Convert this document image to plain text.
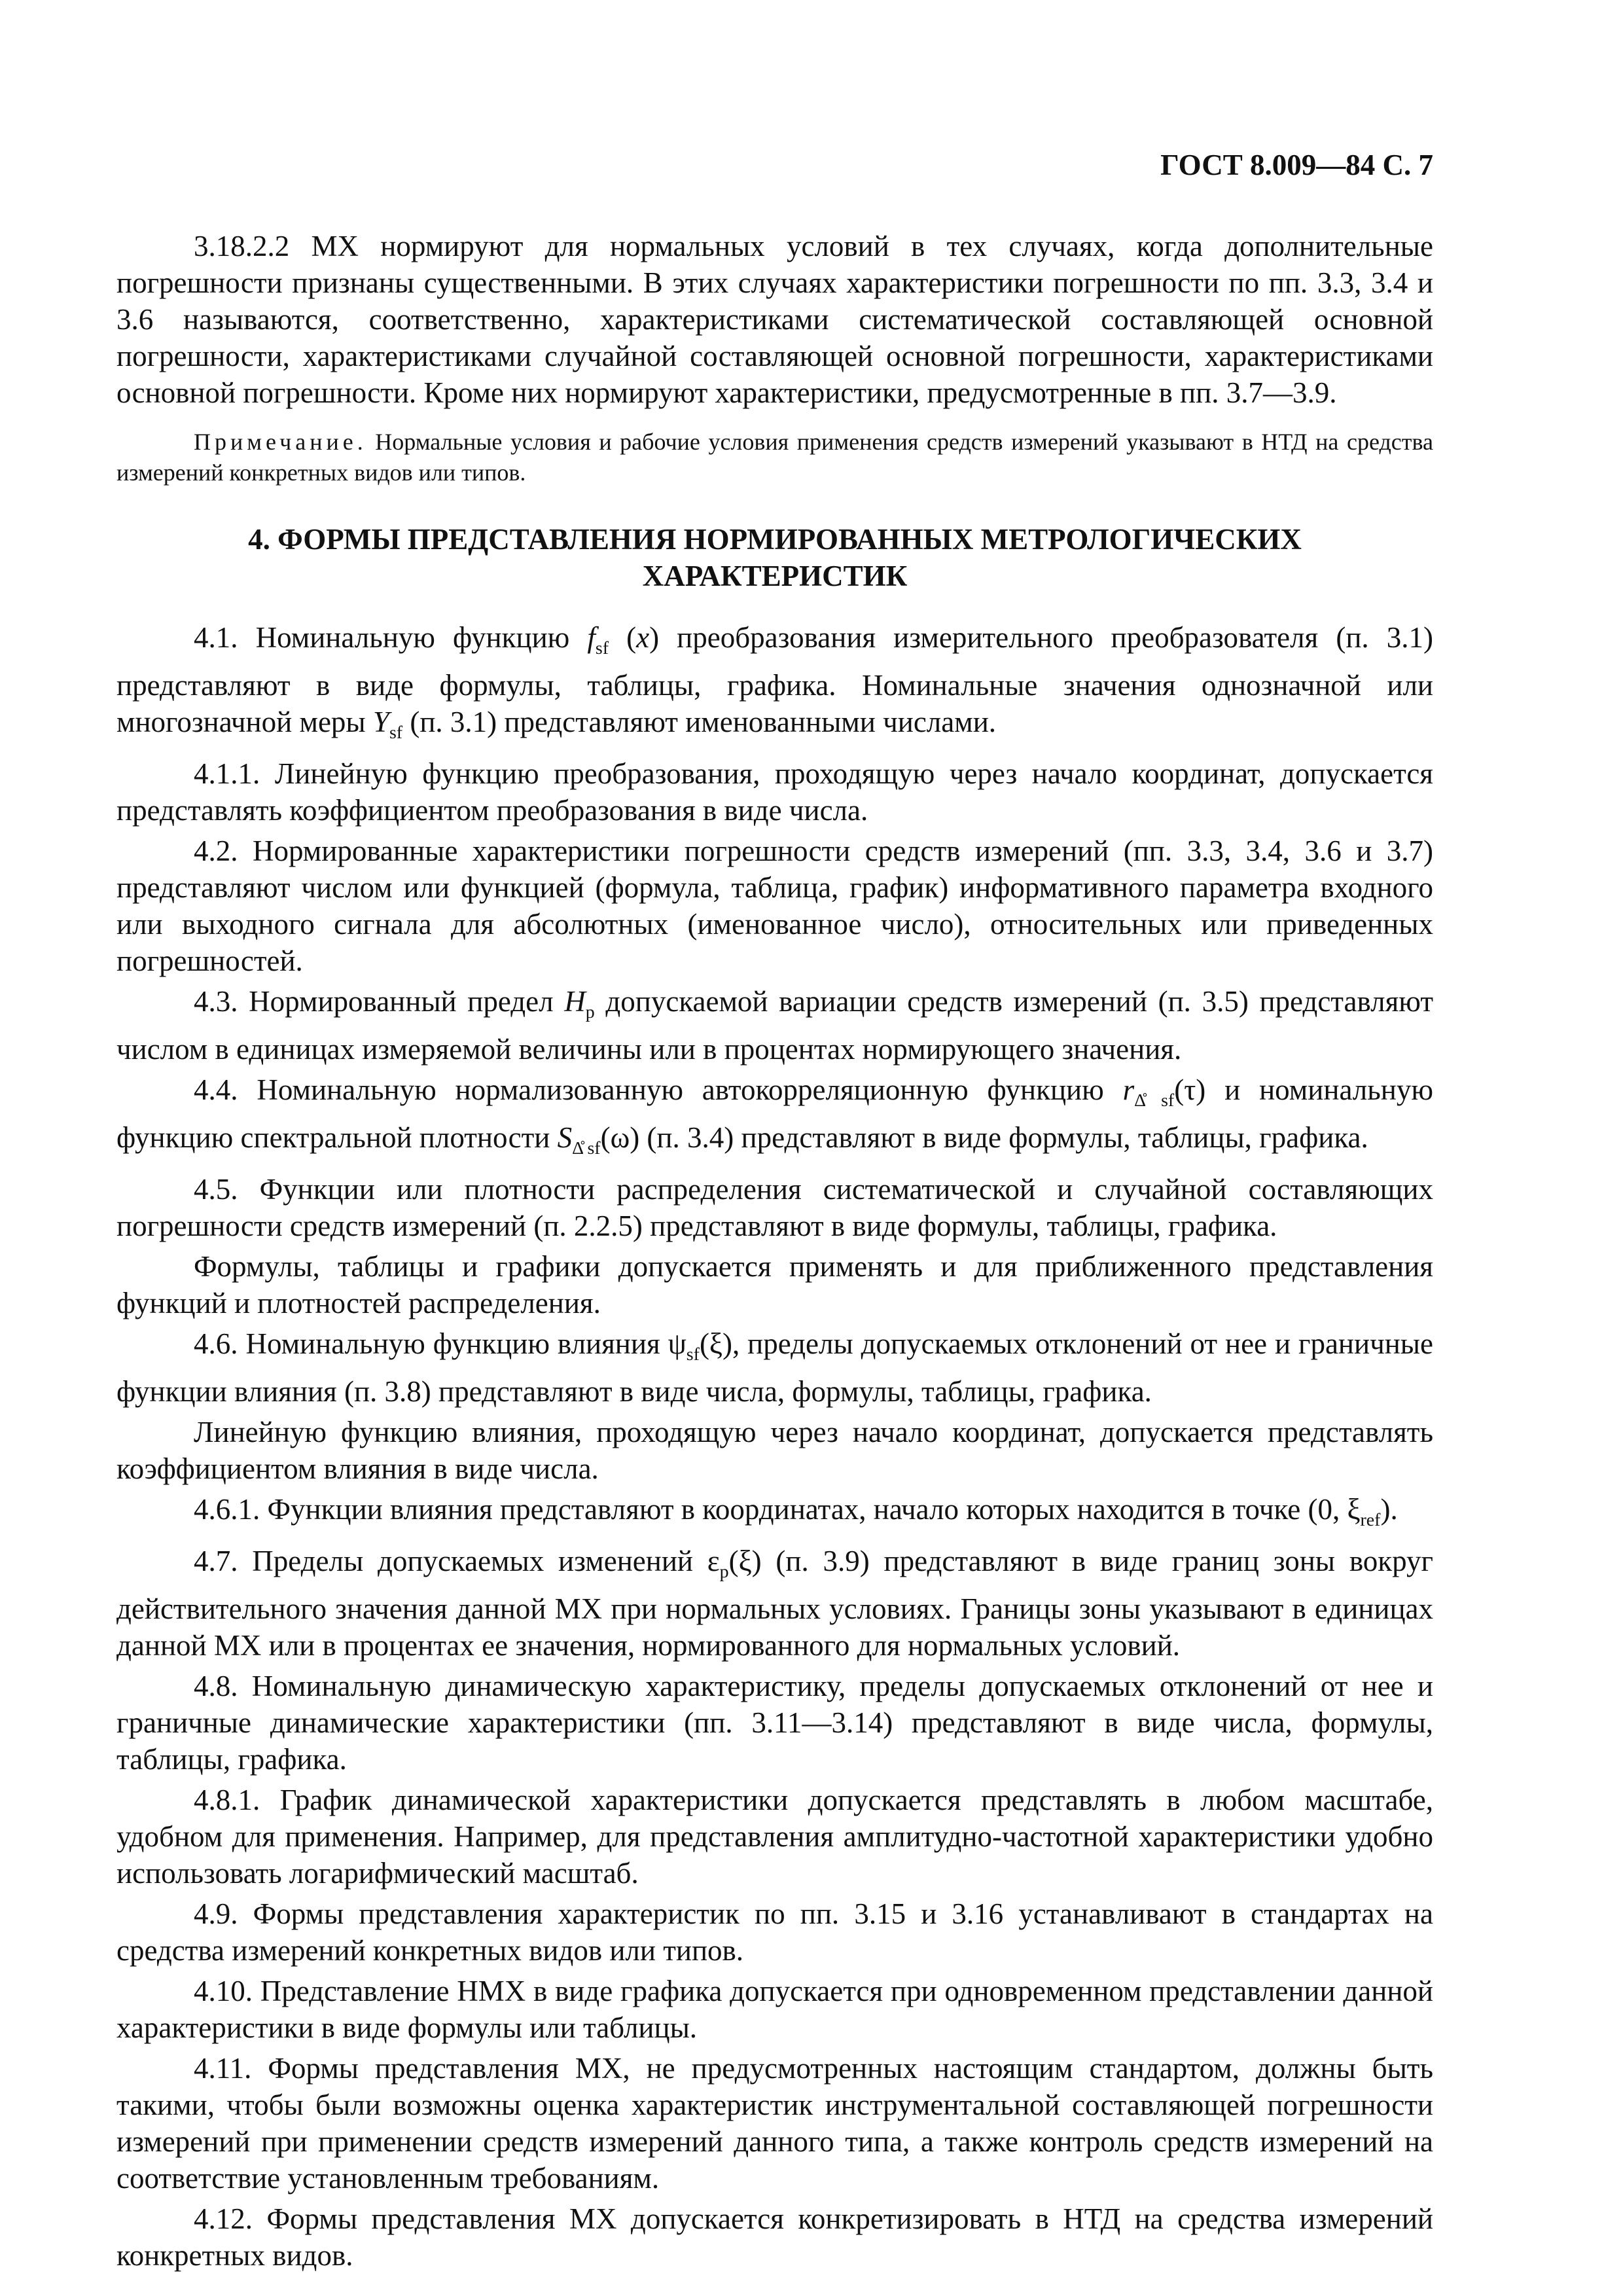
ГОСТ 8.009—84 С. 7

3.18.2.2 МХ нормируют для нормальных условий в тех случаях, когда дополнительные погрешности признаны существенными. В этих случаях характеристики погрешности по пп. 3.3, 3.4 и 3.6 называются, соответственно, характеристиками систематической составляющей основной погрешности, характеристиками случайной составляющей основной погрешности, характеристиками основной погрешности. Кроме них нормируют характеристики, предусмотренные в пп. 3.7—3.9.

Примечание. Нормальные условия и рабочие условия применения средств измерений указывают в НТД на средства измерений конкретных видов или типов.

4. ФОРМЫ ПРЕДСТАВЛЕНИЯ НОРМИРОВАННЫХ МЕТРОЛОГИЧЕСКИХ
ХАРАКТЕРИСТИК

4.1. Номинальную функцию $f_{sf}$ (x) преобразования измерительного преобразователя (п. 3.1) представляют в виде формулы, таблицы, графика. Номинальные значения однозначной или многозначной меры $Y_{sf}$ (п. 3.1) представляют именованными числами.

4.1.1. Линейную функцию преобразования, проходящую через начало координат, допускается представлять коэффициентом преобразования в виде числа.

4.2. Нормированные характеристики погрешности средств измерений (пп. 3.3, 3.4, 3.6 и 3.7) представляют числом или функцией (формула, таблица, график) информативного параметра входного или выходного сигнала для абсолютных (именованное число), относительных или приведенных погрешностей.

4.3. Нормированный предел $H_p$ допускаемой вариации средств измерений (п. 3.5) представляют числом в единицах измеряемой величины или в процентах нормирующего значения.

4.4. Номинальную нормализованную автокорреляционную функцию $r_{\Deltå sf}(\tau)$ и номинальную функцию спектральной плотности $S_{\Deltå sf}(\omega)$ (п. 3.4) представляют в виде формулы, таблицы, графика.

4.5. Функции или плотности распределения систематической и случайной составляющих погрешности средств измерений (п. 2.2.5) представляют в виде формулы, таблицы, графика.

Формулы, таблицы и графики допускается применять и для приближенного представления функций и плотностей распределения.

4.6. Номинальную функцию влияния $\psi_{sf}(\xi)$, пределы допускаемых отклонений от нее и граничные функции влияния (п. 3.8) представляют в виде числа, формулы, таблицы, графика.

Линейную функцию влияния, проходящую через начало координат, допускается представлять коэффициентом влияния в виде числа.

4.6.1. Функции влияния представляют в координатах, начало которых находится в точке (0, $\xi_{ref}$).

4.7. Пределы допускаемых изменений $\varepsilon_p(\xi)$ (п. 3.9) представляют в виде границ зоны вокруг действительного значения данной МХ при нормальных условиях. Границы зоны указывают в единицах данной МХ или в процентах ее значения, нормированного для нормальных условий.

4.8. Номинальную динамическую характеристику, пределы допускаемых отклонений от нее и граничные динамические характеристики (пп. 3.11—3.14) представляют в виде числа, формулы, таблицы, графика.

4.8.1. График динамической характеристики допускается представлять в любом масштабе, удобном для применения. Например, для представления амплитудно-частотной характеристики удобно использовать логарифмический масштаб.

4.9. Формы представления характеристик по пп. 3.15 и 3.16 устанавливают в стандартах на средства измерений конкретных видов или типов.

4.10. Представление НМХ в виде графика допускается при одновременном представлении данной характеристики в виде формулы или таблицы.

4.11. Формы представления МХ, не предусмотренных настоящим стандартом, должны быть такими, чтобы были возможны оценка характеристик инструментальной составляющей погрешности измерений при применении средств измерений данного типа, а также контроль средств измерений на соответствие установленным требованиям.

4.12. Формы представления МХ допускается конкретизировать в НТД на средства измерений конкретных видов.
